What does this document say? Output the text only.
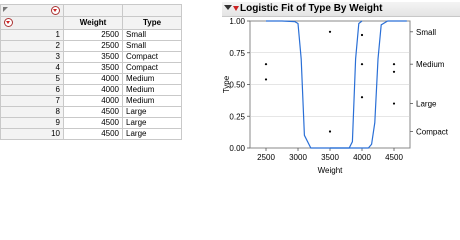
	Weight	Type
1	2500	Small
2	2500	Small
3	3500	Compact
4	3500	Compact
5	4000	Medium
6	4000	Medium
7	4000	Medium
8	4500	Large
9	4500	Large
10	4500	Large
Logistic Fit of Type By Weight
0.00
0.25
0.50
0.75
1.00
2500 3000 3500 4000 4500
Weight
Type
Small
Medium
Large
Compact
